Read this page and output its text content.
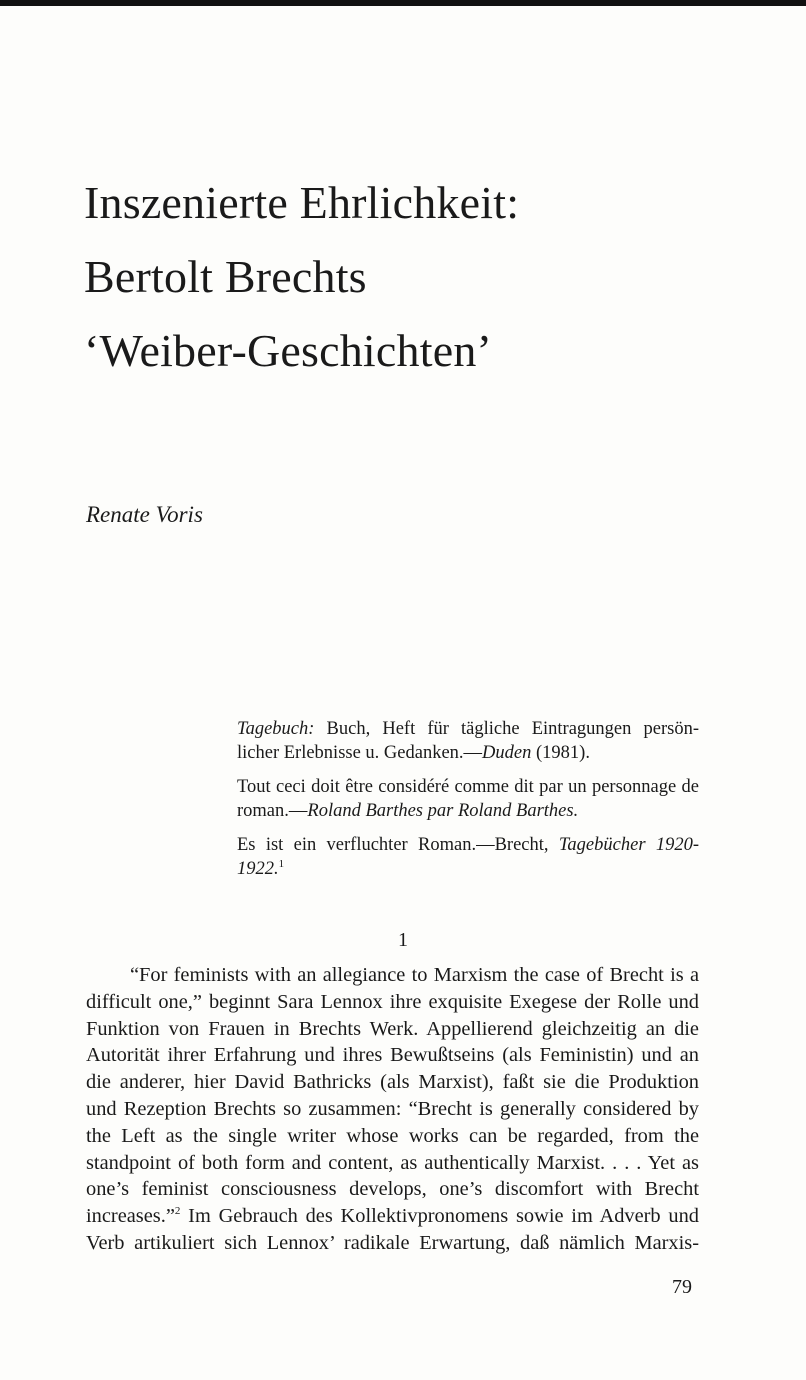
Inszenierte Ehrlichkeit:
Bertolt Brechts
‘Weiber-Geschichten’

Renate Voris

Tagebuch: Buch, Heft für tägliche Eintragungen persön-
licher Erlebnisse u. Gedanken.—Duden (1981).

Tout ceci doit être considéré comme dit par un personnage de
roman.—Roland Barthes par Roland Barthes.

Es ist ein verfluchter Roman.—Brecht, Tagebücher 1920-
1922.$^1$

1

“For feminists with an allegiance to Marxism the case of Brecht is a
difficult one,” beginnt Sara Lennox ihre exquisite Exegese der Rolle und
Funktion von Frauen in Brechts Werk. Appellierend gleichzeitig an die
Autorität ihrer Erfahrung und ihres Bewußtseins (als Feministin) und an
die anderer, hier David Bathricks (als Marxist), faßt sie die Produktion
und Rezeption Brechts so zusammen: “Brecht is generally considered by
the Left as the single writer whose works can be regarded, from the
standpoint of both form and content, as authentically Marxist. . . . Yet as
one’s feminist consciousness develops, one’s discomfort with Brecht
increases.”$^2$ Im Gebrauch des Kollektivpronomens sowie im Adverb und
Verb artikuliert sich Lennox’ radikale Erwartung, daß nämlich Marxis-

79
